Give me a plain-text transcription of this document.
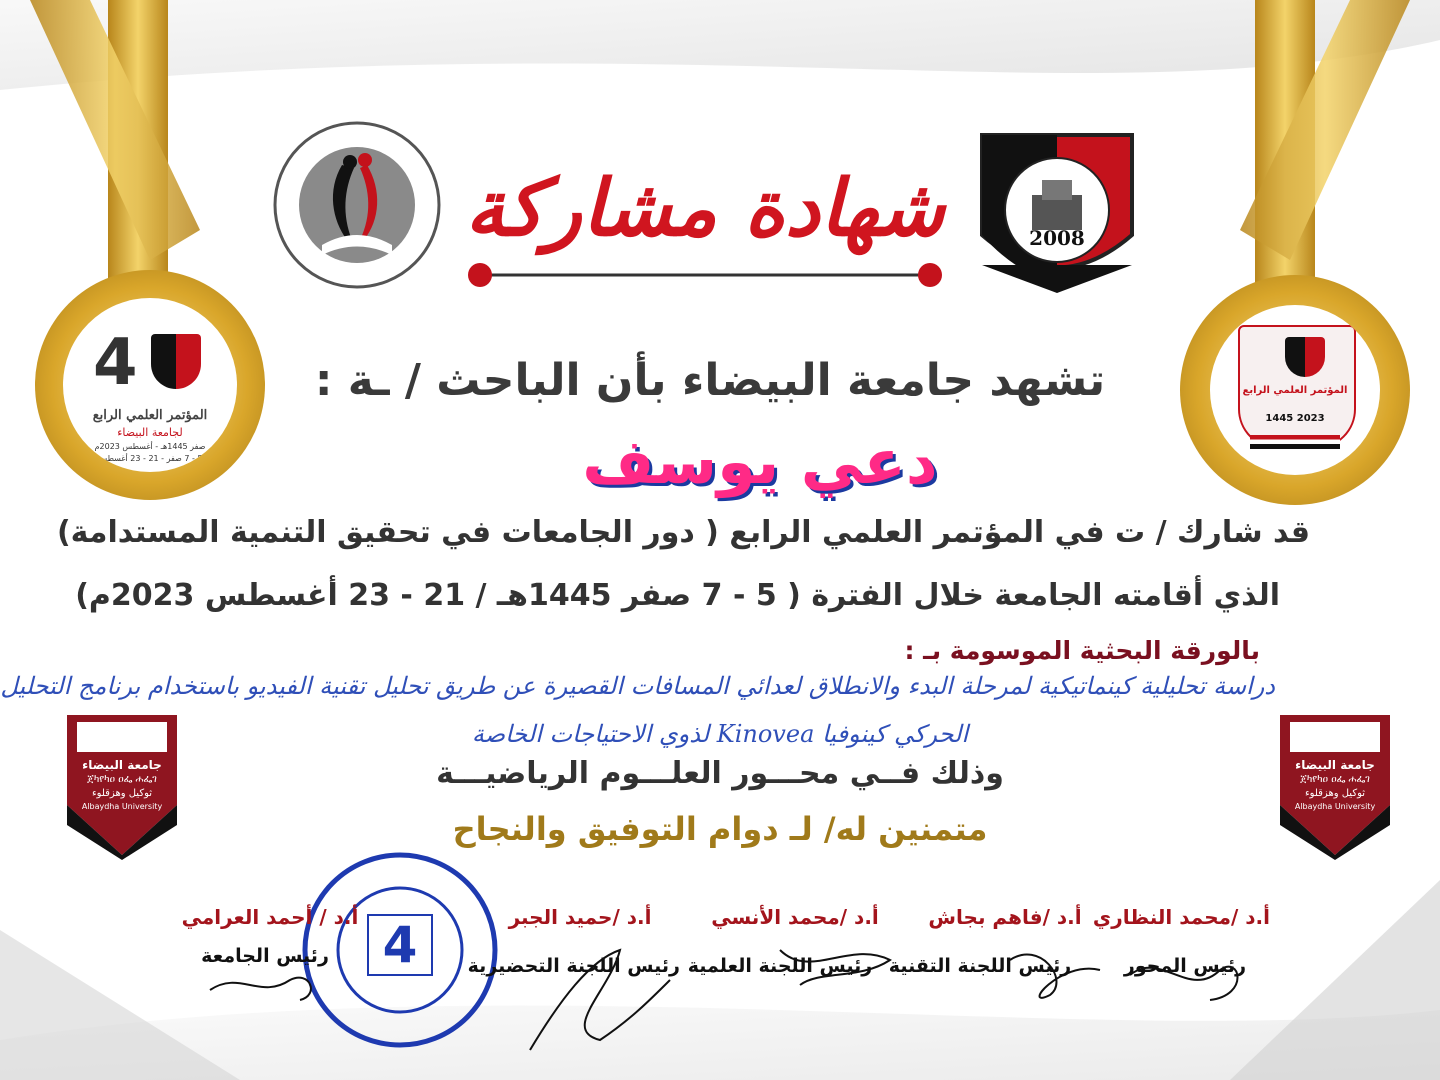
شهادة مشاركة	2008
4
المؤتمر العلمي الرابع
لجامعة البيضاء
صفر 1445هـ - أغسطس 2023م
5 - 7 صفر - 21 - 23 أغسطس
المؤتمر العلمي الرابع
2023 1445
جامعة البيضاء
ጀካየካዐ ዐፌ ሐፌገ
ثوكيل وهزقلوء
Albaydha University
جامعة البيضاء
ጀካየካዐ ዐፌ ሐፌገ
ثوكيل وهزقلوء
Albaydha University
تشهد جامعة البيضاء بأن الباحث / ـة :
دعي يوسف
قد شارك / ت في المؤتمر العلمي الرابع ( دور الجامعات في تحقيق التنمية المستدامة)
الذي أقامته الجامعة خلال الفترة ( 5 - 7 صفر 1445هـ / 21 - 23 أغسطس 2023م)
بالورقة البحثية الموسومة بـ :
دراسة تحليلية كينماتيكية لمرحلة البدء والانطلاق لعدائي المسافات القصيرة عن طريق تحليل تقنية الفيديو باستخدام برنامج التحليل
الحركي كينوفيا Kinovea لذوي الاحتياجات الخاصة
وذلك فــي محـــور العلـــوم الرياضيـــة
متمنين له/ لـ دوام التوفيق والنجاح
4	أ.د /محمد النظاري
رئيس المحور
أ.د /فاهم بجاش
رئيس اللجنة التقنية
أ.د /محمد الأنسي
رئيس اللجنة العلمية
أ.د /حميد الجبر
رئيس اللجنة التحضيرية
أ.د / أحمد العرامي
رئيس الجامعة
